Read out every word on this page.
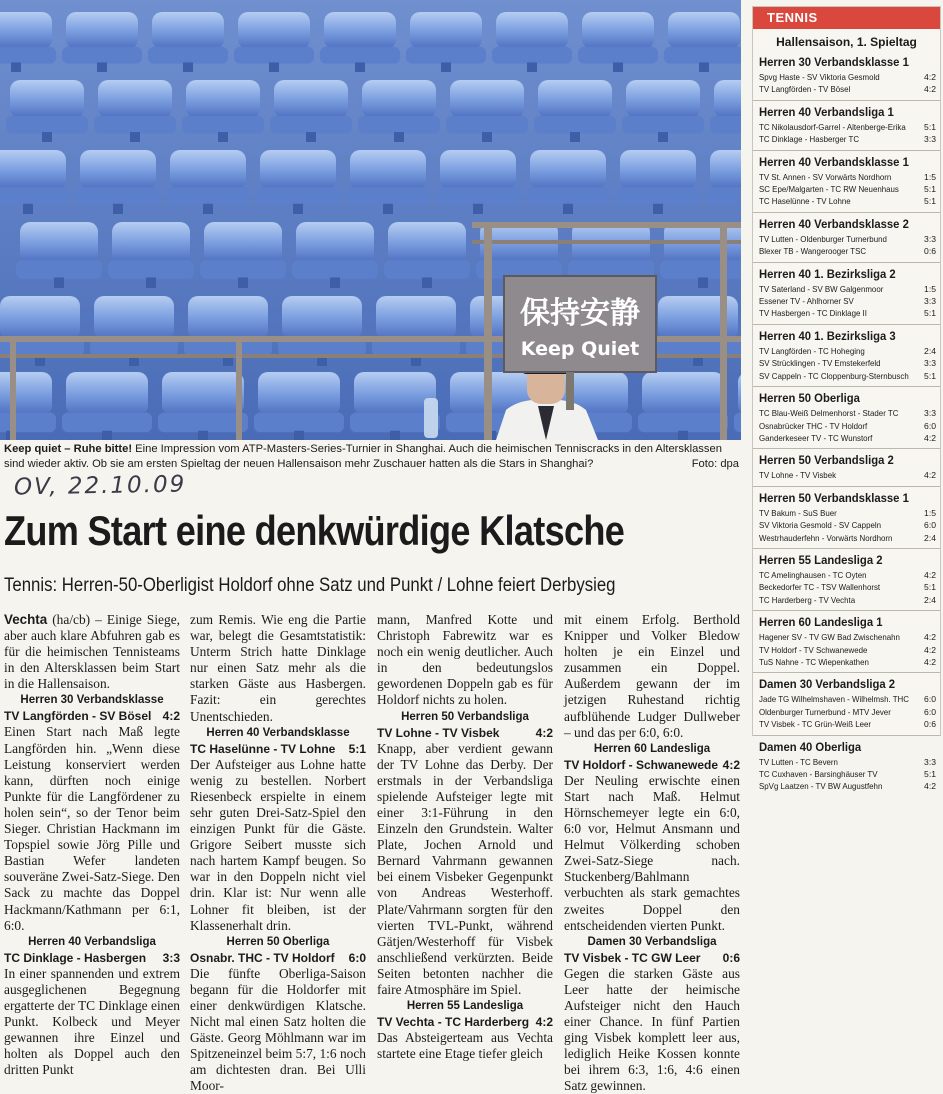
保持安静
Keep Quiet
Keep quiet – Ruhe bitte! Eine Impression vom ATP-Masters-Series-Turnier in Shanghai. Auch die heimischen Tenniscracks in den Altersklassen sind wieder aktiv. Ob sie am ersten Spieltag der neuen Hallensaison mehr Zuschauer hatten als die Stars in Shanghai?	Foto: dpa
OV, 22.10.09
Zum Start eine denkwürdige Klatsche
Tennis: Herren-50-Oberligist Holdorf ohne Satz und Punkt / Lohne feiert Derbysieg

Vechta (ha/cb) – Einige Siege, aber auch klare Abfuhren gab es für die heimischen Tennisteams in den Altersklassen beim Start in die Hallensaison.

Herren 30 Verbandsklasse
TV Langförden - SV Bösel 4:2

Einen Start nach Maß legte Langförden hin. „Wenn diese Leistung konserviert werden kann, dürften noch einige Punkte für die Langfördener zu holen sein“, so der Tenor beim Sieger. Christian Hackmann im Topspiel sowie Jörg Pille und Bastian Wefer landeten souveräne Zwei-Satz-Siege. Den Sack zu machte das Doppel Hackmann/Kathmann per 6:1, 6:0.

Herren 40 Verbandsliga
TC Dinklage - Hasbergen 3:3

In einer spannenden und extrem ausgeglichenen Begegnung ergatterte der TC Dinklage einen Punkt. Kolbeck und Meyer gewannen ihre Einzel und holten als Doppel auch den dritten Punkt

zum Remis. Wie eng die Partie war, belegt die Gesamtstatistik: Unterm Strich hatte Dinklage nur einen Satz mehr als die starken Gäste aus Hasbergen. Fazit: ein gerechtes Unentschieden.

Herren 40 Verbandsklasse
TC Haselünne - TV Lohne 5:1

Der Aufsteiger aus Lohne hatte wenig zu bestellen. Norbert Riesenbeck erspielte in einem sehr guten Drei-Satz-Spiel den einzigen Punkt für die Gäste. Grigore Seibert musste sich nach hartem Kampf beugen. So war in den Doppeln nicht viel drin. Klar ist: Nur wenn alle Lohner fit bleiben, ist der Klassenerhalt drin.

Herren 50 Oberliga
Osnabr. THC - TV Holdorf 6:0

Die fünfte Oberliga-Saison begann für die Holdorfer mit einer denkwürdigen Klatsche. Nicht mal einen Satz holten die Gäste. Georg Möhlmann war im Spitzeneinzel beim 5:7, 1:6 noch am dichtesten dran. Bei Ulli Moor-

mann, Manfred Kotte und Christoph Fabrewitz war es noch ein wenig deutlicher. Auch in den bedeutungslos gewordenen Doppeln gab es für Holdorf nichts zu holen.

Herren 50 Verbandsliga
TV Lohne - TV Visbek	4:2

Knapp, aber verdient gewann der TV Lohne das Derby. Der erstmals in der Verbandsliga spielende Aufsteiger legte mit einer 3:1-Führung in den Einzeln den Grundstein. Walter Plate, Jochen Arnold und Bernard Vahrmann gewannen bei einem Visbeker Gegenpunkt von Andreas Westerhoff. Plate/Vahrmann sorgten für den vierten TVL-Punkt, während Gätjen/Westerhoff für Visbek anschließend verkürzten. Beide Seiten betonten nachher die faire Atmosphäre im Spiel.

Herren 55 Landesliga
TV Vechta - TC Harderberg 4:2

Das Absteigerteam aus Vechta startete eine Etage tiefer gleich

mit einem Erfolg. Berthold Knipper und Volker Bledow holten je ein Einzel und zusammen ein Doppel. Außerdem gewann der im jetzigen Ruhestand richtig aufblühende Ludger Dullweber – und das per 6:0, 6:0.

Herren 60 Landesliga
TV Holdorf - Schwanewede 4:2

Der Neuling erwischte einen Start nach Maß. Helmut Hörnschemeyer legte ein 6:0, 6:0 vor, Helmut Ansmann und Helmut Völkerding schoben Zwei-Satz-Siege nach. Stuckenberg/Bahlmann verbuchten als stark gemachtes zweites Doppel den entscheidenden vierten Punkt.

Damen 30 Verbandsliga
TV Visbek - TC GW Leer 0:6

Gegen die starken Gäste aus Leer hatte der heimische Aufsteiger nicht den Hauch einer Chance. In fünf Partien ging Visbek komplett leer aus, lediglich Heike Kossen konnte bei ihrem 6:3, 1:6, 4:6 einen Satz gewinnen.

TENNIS
Hallensaison, 1. Spieltag
Herren 30 Verbandsklasse 1
Spvg Haste - SV Viktoria Gesmold	4:2
TV Langförden - TV Bösel	4:2
Herren 40 Verbandsliga 1
TC Nikolausdorf-Garrel - Altenberge-Erika 5:1
TC Dinklage - Hasberger TC	3:3
Herren 40 Verbandsklasse 1
TV St. Annen - SV Vorwärts Nordhorn	1:5
SC Epe/Malgarten - TC RW Neuenhaus	5:1
TC Haselünne - TV Lohne	5:1
Herren 40 Verbandsklasse 2
TV Lutten - Oldenburger Turnerbund	3:3
Blexer TB - Wangerooger TSC	0:6
Herren 40 1. Bezirksliga 2
TV Saterland - SV BW Galgenmoor	1:5
Essener TV - Ahlhorner SV	3:3
TV Hasbergen - TC Dinklage II	5:1
Herren 40 1. Bezirksliga 3
TV Langförden - TC Hoheging	2:4
SV Strücklingen - TV Emstekerfeld	3:3
SV Cappeln - TC Cloppenburg-Sternbusch 5:1
Herren 50 Oberliga
TC Blau-Weiß Delmenhorst - Stader TC	3:3
Osnabrücker THC - TV Holdorf	6:0
Ganderkeseer TV - TC Wunstorf	4:2
Herren 50 Verbandsliga 2
TV Lohne - TV Visbek	4:2
Herren 50 Verbandsklasse 1
TV Bakum - SuS Buer	1:5
SV Viktoria Gesmold - SV Cappeln	6:0
Westrhauderfehn - Vorwärts Nordhorn	2:4
Herren 55 Landesliga 2
TC Amelinghausen - TC Oyten	4:2
Beckedorfer TC - TSV Wallenhorst	5:1
TC Harderberg - TV Vechta	2:4
Herren 60 Landesliga 1
Hagener SV - TV GW Bad Zwischenahn	4:2
TV Holdorf - TV Schwanewede	4:2
TuS Nahne - TC Wiepenkathen	4:2
Damen 30 Verbandsliga 2
Jade TG Wilhelmshaven - Wilhelmsh. THC 6:0
Oldenburger Turnerbund - MTV Jever	6:0
TV Visbek - TC Grün-Weiß Leer	0:6
Damen 40 Oberliga
TV Lutten - TC Bevern	3:3
TC Cuxhaven - Barsinghäuser TV	5:1
SpVg Laatzen - TV BW Augustfehn	4:2
